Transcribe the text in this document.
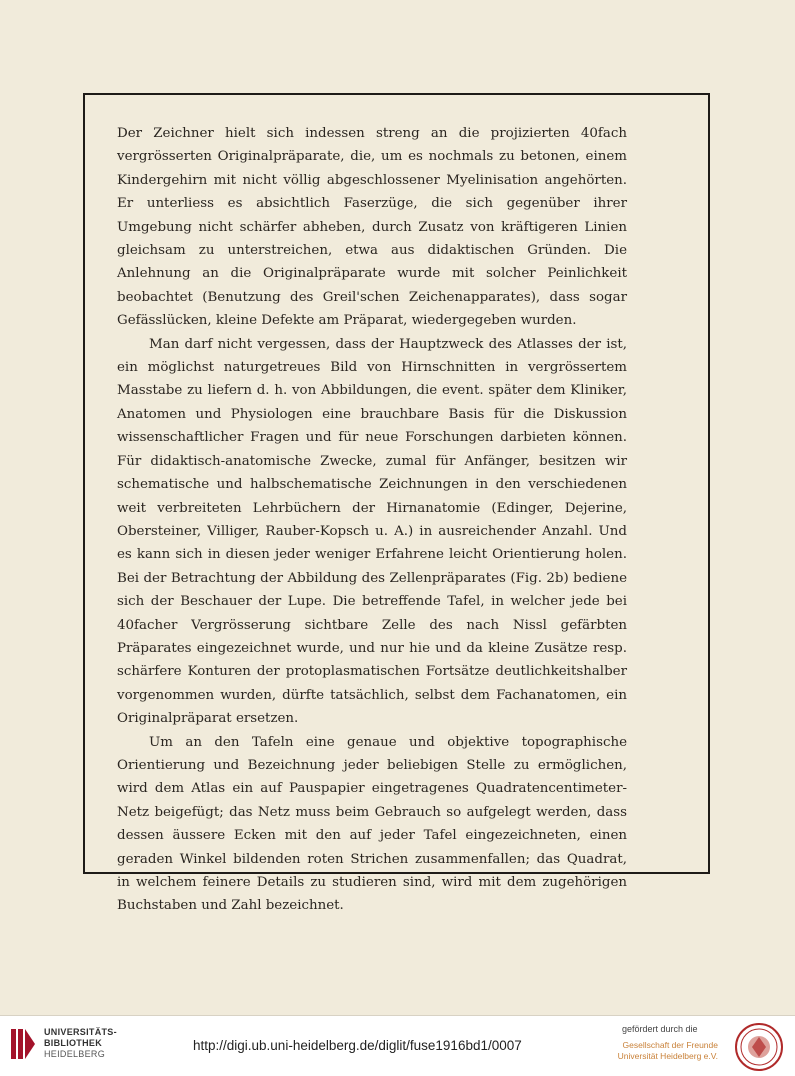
Der Zeichner hielt sich indessen streng an die projizierten 40fach vergrösserten Originalpräparate, die, um es nochmals zu betonen, einem Kindergehirn mit nicht völlig abgeschlossener Myelinisation angehörten. Er unterliess es absichtlich Faserzüge, die sich gegenüber ihrer Umgebung nicht schärfer abheben, durch Zusatz von kräftigeren Linien gleichsam zu unterstreichen, etwa aus didaktischen Gründen. Die Anlehnung an die Originalpräparate wurde mit solcher Peinlichkeit beobachtet (Benutzung des Greil'schen Zeichenapparates), dass sogar Gefässlücken, kleine Defekte am Präparat, wiedergegeben wurden.

Man darf nicht vergessen, dass der Hauptzweck des Atlasses der ist, ein möglichst naturgetreues Bild von Hirnschnitten in vergrössertem Masstabe zu liefern d. h. von Abbildungen, die event. später dem Kliniker, Anatomen und Physiologen eine brauchbare Basis für die Diskussion wissenschaftlicher Fragen und für neue Forschungen darbieten können. Für didaktisch-anatomische Zwecke, zumal für Anfänger, besitzen wir schematische und halbschematische Zeichnungen in den verschiedenen weit verbreiteten Lehrbüchern der Hirnanatomie (Edinger, Dejerine, Obersteiner, Villiger, Rauber-Kopsch u. A.) in ausreichender Anzahl. Und es kann sich in diesen jeder weniger Erfahrene leicht Orientierung holen. Bei der Betrachtung der Abbildung des Zellenpräparates (Fig. 2b) bediene sich der Beschauer der Lupe. Die betreffende Tafel, in welcher jede bei 40facher Vergrösserung sichtbare Zelle des nach Nissl gefärbten Präparates eingezeichnet wurde, und nur hie und da kleine Zusätze resp. schärfere Konturen der protoplasmatischen Fortsätze deutlichkeitshalber vorgenommen wurden, dürfte tatsächlich, selbst dem Fachanatomen, ein Originalpräparat ersetzen.

Um an den Tafeln eine genaue und objektive topographische Orientierung und Bezeichnung jeder beliebigen Stelle zu ermöglichen, wird dem Atlas ein auf Pauspapier eingetragenes Quadratencentimeter-Netz beigefügt; das Netz muss beim Gebrauch so aufgelegt werden, dass dessen äussere Ecken mit den auf jeder Tafel eingezeichneten, einen geraden Winkel bildenden roten Strichen zusammenfallen; das Quadrat, in welchem feinere Details zu studieren sind, wird mit dem zugehörigen Buchstaben und Zahl bezeichnet.

UNIVERSITÄTS-
BIBLIOTHEK
HEIDELBERG
http://digi.ub.uni-heidelberg.de/diglit/fuse1916bd1/0007
gefördert durch die
Gesellschaft der Freunde
Universität Heidelberg e.V.
